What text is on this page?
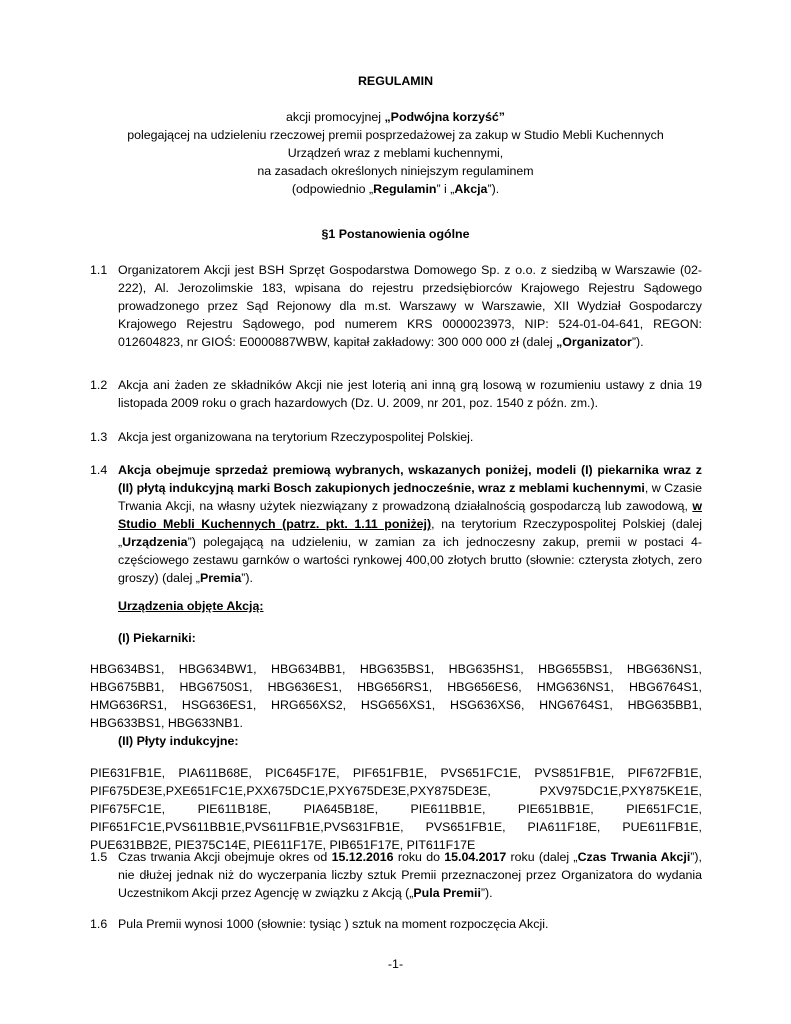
REGULAMIN
akcji promocyjnej „Podwójna korzyść”
polegającej na udzieleniu rzeczowej premii posprzedażowej za zakup w Studio Mebli Kuchennych
Urządzeń wraz z meblami kuchennymi,
na zasadach określonych niniejszym regulaminem
(odpowiednio „Regulamin” i „Akcja”).
§1 Postanowienia ogólne
1.1 Organizatorem Akcji jest BSH Sprzęt Gospodarstwa Domowego Sp. z o.o. z siedzibą w Warszawie (02-222), Al. Jerozolimskie 183, wpisana do rejestru przedsiębiorców Krajowego Rejestru Sądowego prowadzonego przez Sąd Rejonowy dla m.st. Warszawy w Warszawie, XII Wydział Gospodarczy Krajowego Rejestru Sądowego, pod numerem KRS 0000023973, NIP: 524-01-04-641, REGON: 012604823, nr GIOŚ: E0000887WBW, kapitał zakładowy: 300 000 000 zł (dalej „Organizator”).
1.2 Akcja ani żaden ze składników Akcji nie jest loterią ani inną grą losową w rozumieniu ustawy z dnia 19 listopada 2009 roku o grach hazardowych (Dz. U. 2009, nr 201, poz. 1540 z późn. zm.).
1.3 Akcja jest organizowana na terytorium Rzeczypospolitej Polskiej.
1.4 Akcja obejmuje sprzedaż premiową wybranych, wskazanych poniżej, modeli (I) piekarnika wraz z (II) płytą indukcyjną marki Bosch zakupionych jednocześnie, wraz z meblami kuchennymi, w Czasie Trwania Akcji, na własny użytek niezwiązany z prowadzoną działalnością gospodarczą lub zawodową, w Studio Mebli Kuchennych (patrz. pkt. 1.11 poniżej), na terytorium Rzeczypospolitej Polskiej (dalej „Urządzenia”) polegającą na udzieleniu, w zamian za ich jednoczesny zakup, premii w postaci 4-częściowego zestawu garnków o wartości rynkowej 400,00 złotych brutto (słownie: czterysta złotych, zero groszy) (dalej „Premia”).
Urządzenia objęte Akcją:
(I) Piekarniki:
HBG634BS1, HBG634BW1, HBG634BB1, HBG635BS1, HBG635HS1, HBG655BS1, HBG636NS1,
HBG675BB1, HBG6750S1, HBG636ES1, HBG656RS1, HBG656ES6, HMG636NS1, HBG6764S1,
HMG636RS1, HSG636ES1, HRG656XS2, HSG656XS1, HSG636XS6, HNG6764S1, HBG635BB1,
HBG633BS1, HBG633NB1.
(II) Płyty indukcyjne:
PIE631FB1E, PIA611B68E, PIC645F17E, PIF651FB1E, PVS651FC1E, PVS851FB1E, PIF672FB1E,
PIF675DE3E,PXE651FC1E,PXX675DC1E,PXY675DE3E,PXY875DE3E, PXV975DC1E,PXY875KE1E,
PIF675FC1E, PIE611B18E, PIA645B18E, PIE611BB1E, PIE651BB1E, PIE651FC1E,
PIF651FC1E,PVS611BB1E,PVS611FB1E,PVS631FB1E, PVS651FB1E, PIA611F18E, PUE611FB1E,
PUE631BB2E, PIE375C14E, PIE611F17E, PIB651F17E, PIT611F17E
1.5 Czas trwania Akcji obejmuje okres od 15.12.2016 roku do 15.04.2017 roku (dalej „Czas Trwania Akcji”), nie dłużej jednak niż do wyczerpania liczby sztuk Premii przeznaczonej przez Organizatora do wydania Uczestnikom Akcji przez Agencję w związku z Akcją („Pula Premii”).
1.6 Pula Premii wynosi 1000 (słownie: tysiąc ) sztuk na moment rozpoczęcia Akcji.
-1-
